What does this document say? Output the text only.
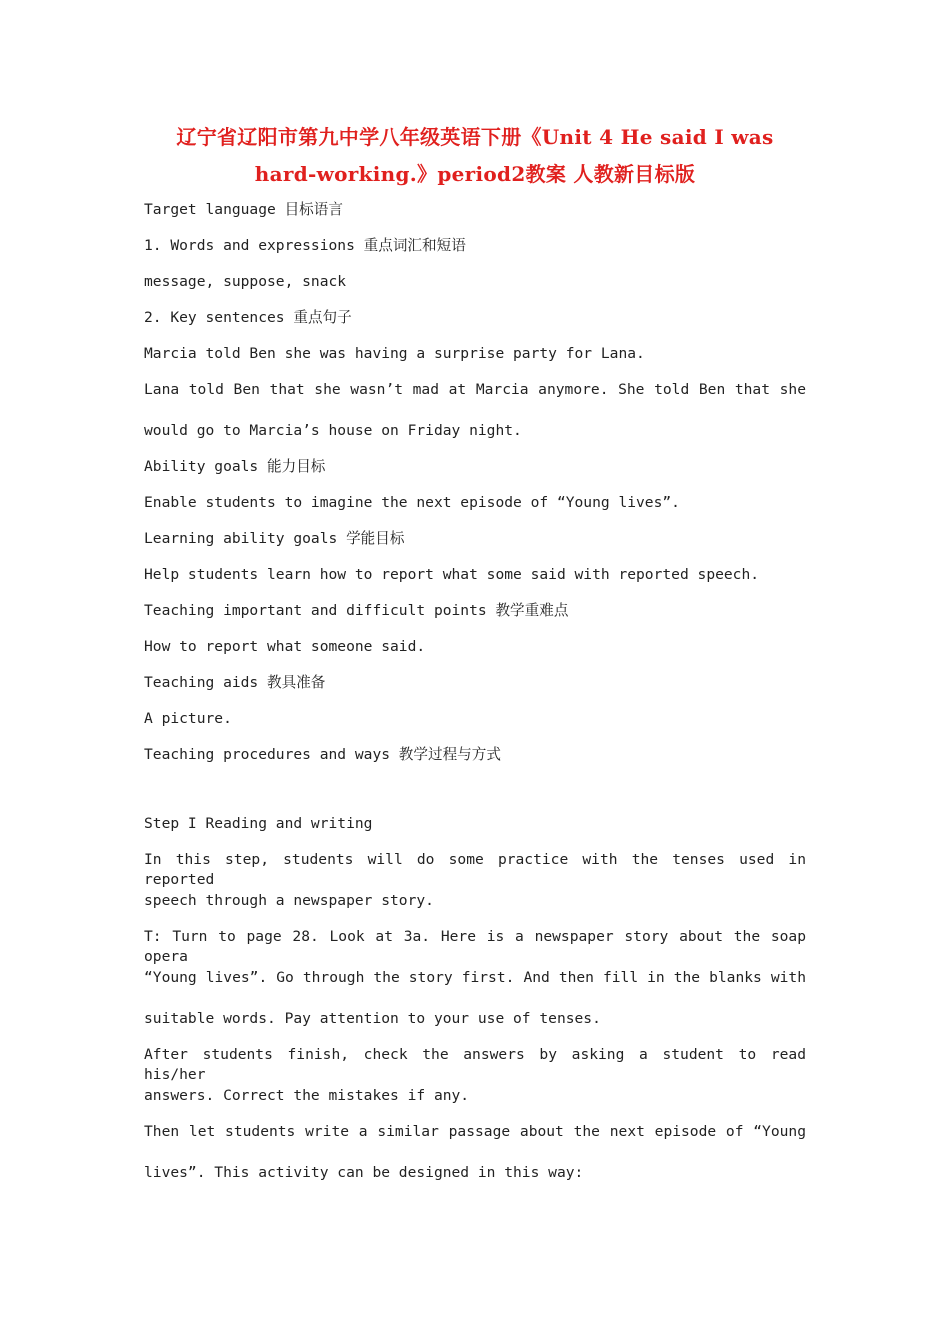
辽宁省辽阳市第九中学八年级英语下册《Unit 4 He said I was
hard-working.》period2教案 人教新目标版
Target language 目标语言
1. Words and expressions 重点词汇和短语
message, suppose, snack
2. Key sentences 重点句子
Marcia told Ben she was having a surprise party for Lana.
Lana told Ben that she wasn’t mad at Marcia anymore. She told Ben that she
would go to Marcia’s house on Friday night.
Ability goals 能力目标
Enable students to imagine the next episode of “Young lives”.
Learning ability goals 学能目标
Help students learn how to report what some said with reported speech.
Teaching important and difficult points 教学重难点
How to report what someone said.
Teaching aids 教具准备
A picture.
Teaching procedures and ways 教学过程与方式
Step I Reading and writing
In this step, students will do some practice with the tenses used in reported
speech through a newspaper story.
T: Turn to page 28. Look at 3a. Here is a newspaper story about the soap opera
“Young lives”. Go through the story first. And then fill in the blanks with
suitable words. Pay attention to your use of tenses.
After students finish, check the answers by asking a student to read his/her
answers. Correct the mistakes if any.
Then let students write a similar passage about the next episode of “Young
lives”. This activity can be designed in this way:
